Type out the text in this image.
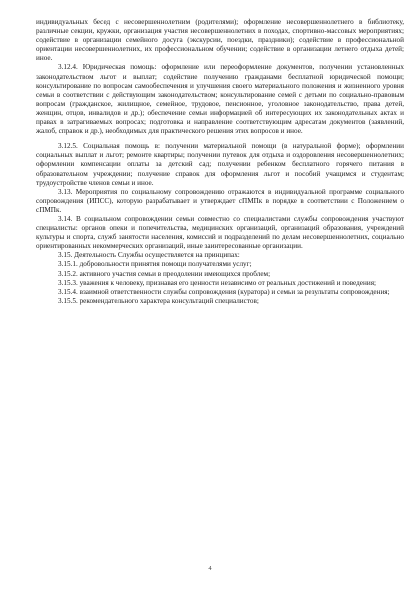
индивидуальных бесед с несовершеннолетним (родителями); оформление несовершеннолетнего в библиотеку, различные секции, кружки, организация участия несовершеннолетних в походах, спортивно-массовых мероприятиях; содействие в организации семейного досуга (экскурсии, поездки, праздники); содействие в профессиональной ориентации несовершеннолетних, их профессиональном обучении; содействие в организации летнего отдыха детей; иное.

3.12.4. Юридическая помощь: оформление или переоформление документов, получении установленных законодательством льгот и выплат; содействие получению гражданами бесплатной юридической помощи; консультирование по вопросам самообеспечения и улучшения своего материального положения и жизненного уровня семьи в соответствии с действующим законодательством; консультирование семей с детьми по социально-правовым вопросам (гражданское, жилищное, семейное, трудовое, пенсионное, уголовное законодательство, права детей, женщин, отцов, инвалидов и др.); обеспечение семьи информацией об интересующих их законодательных актах и правах в затрагиваемых вопросах; подготовка и направление соответствующим адресатам документов (заявлений, жалоб, справок и др.), необходимых для практического решения этих вопросов и иное.

3.12.5. Социальная помощь в: получении материальной помощи (в натуральной форме); оформлении социальных выплат и льгот; ремонте квартиры; получении путевок для отдыха и оздоровления несовершеннолетних; оформлении компенсации оплаты за детский сад; получении ребенком бесплатного горячего питания в образовательном учреждении; получение справок для оформления льгот и пособий учащимся и студентам; трудоустройстве членов семьи и иное.

3.13. Мероприятия по социальному сопровождению отражаются в индивидуальной программе социального сопровождения (ИПСС), которую разрабатывает и утверждает сПМПк в порядке в соответствии с Положением о сПМПк.

3.14. В социальном сопровождении семьи совместно со специалистами службы сопровождения участвуют специалисты: органов опеки и попечительства, медицинских организаций, организаций образования, учреждений культуры и спорта, служб занятости населения, комиссий и подразделений по делам несовершеннолетних, социально ориентированных некоммерческих организаций, иные заинтересованные организации.

3.15. Деятельность Службы осуществляется на принципах:

3.15.1. добровольности принятия помощи получателями услуг;

3.15.2. активного участия семьи в преодолении имеющихся проблем;

3.15.3. уважения к человеку, признавая его ценности независимо от реальных достижений и поведения;

3.15.4. взаимной ответственности службы сопровождения (куратора) и семьи за результаты сопровождения;

3.15.5. рекомендательного характера консультаций специалистов;

4
